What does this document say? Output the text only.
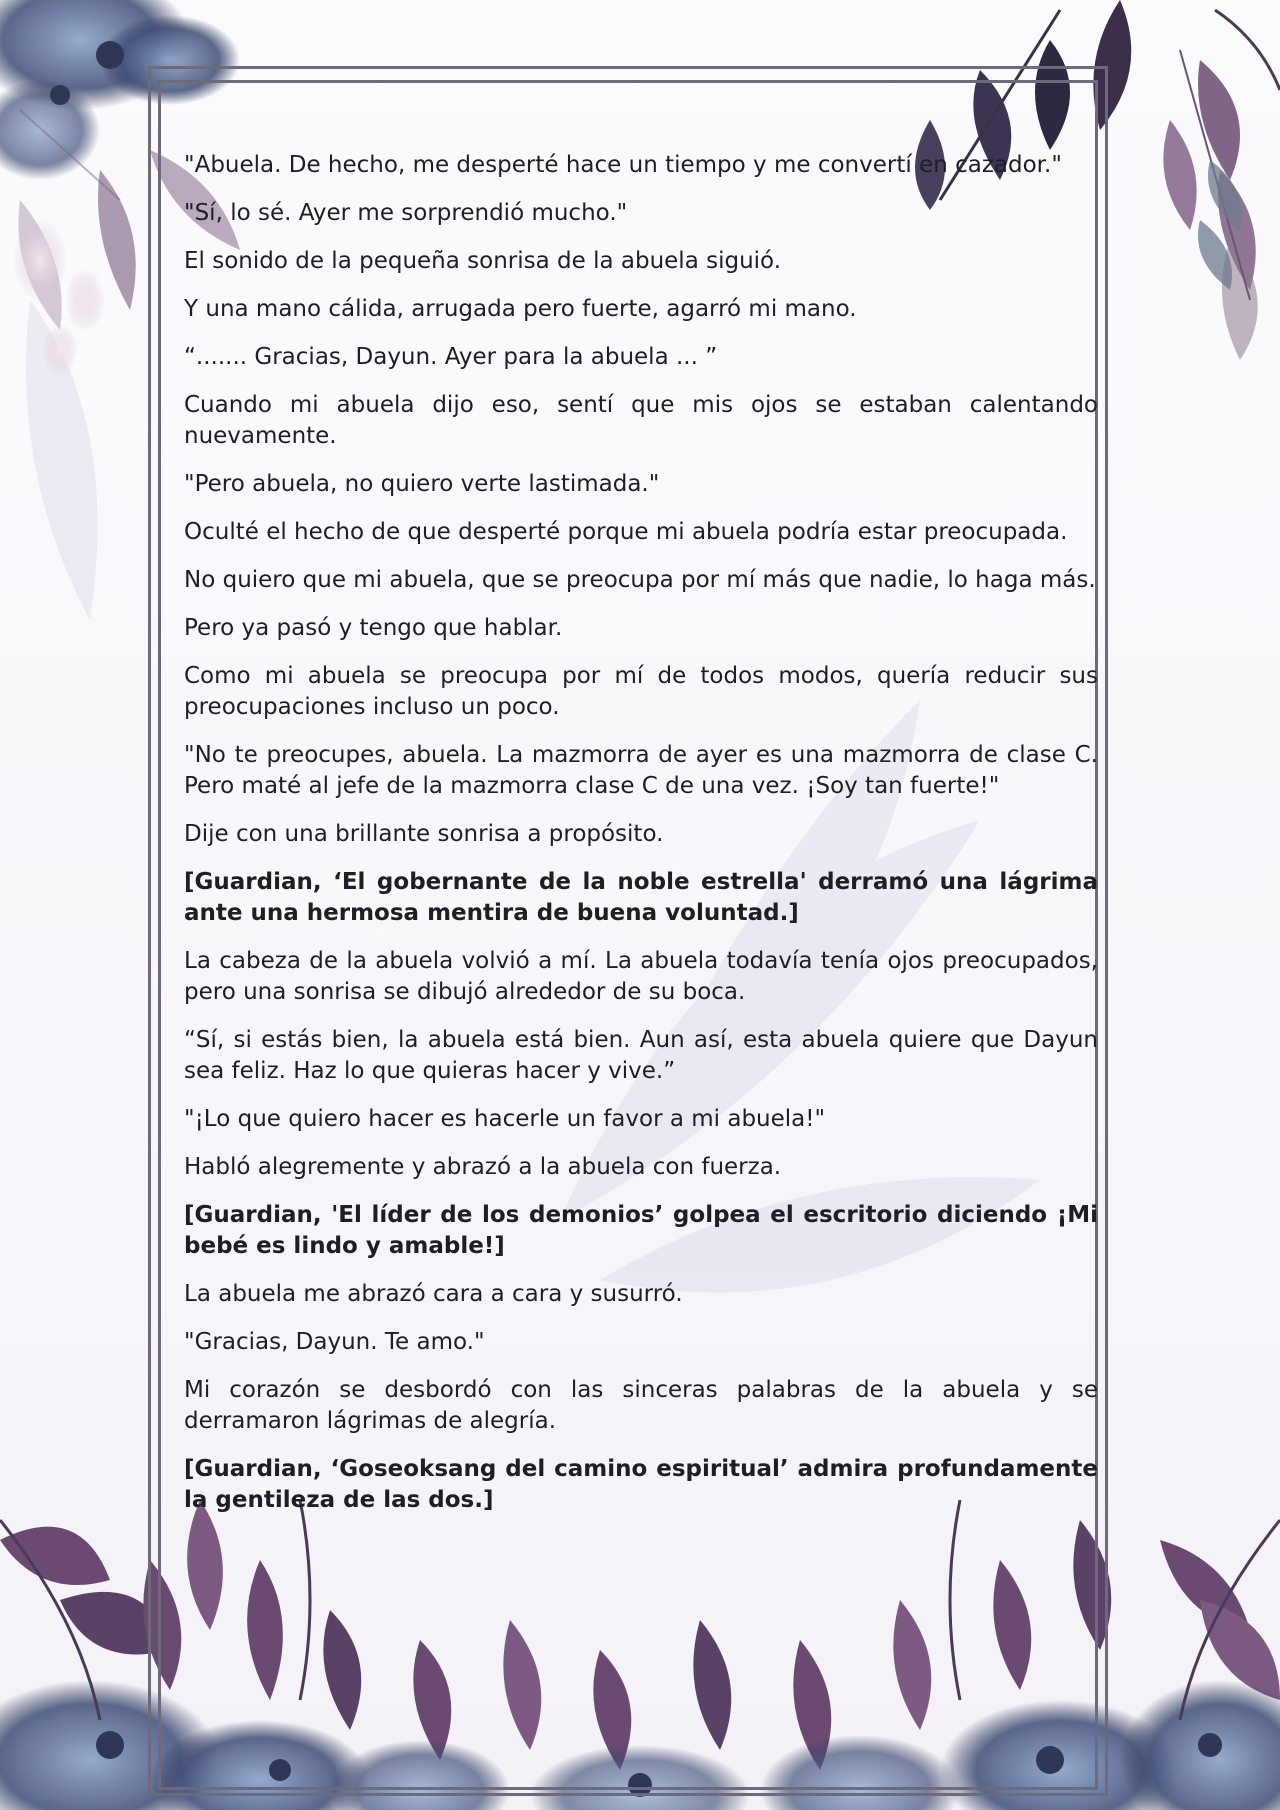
"Abuela. De hecho, me desperté hace un tiempo y me convertí en cazador."

"Sí, lo sé. Ayer me sorprendió mucho."

El sonido de la pequeña sonrisa de la abuela siguió.

Y una mano cálida, arrugada pero fuerte, agarró mi mano.

“....... Gracias, Dayun. Ayer para la abuela ... ”

Cuando mi abuela dijo eso, sentí que mis ojos se estaban calentando nuevamente.

"Pero abuela, no quiero verte lastimada."

Oculté el hecho de que desperté porque mi abuela podría estar preocupada.

No quiero que mi abuela, que se preocupa por mí más que nadie, lo haga más.

Pero ya pasó y tengo que hablar.

Como mi abuela se preocupa por mí de todos modos, quería reducir sus preocupaciones incluso un poco.

"No te preocupes, abuela. La mazmorra de ayer es una mazmorra de clase C. Pero maté al jefe de la mazmorra clase C de una vez. ¡Soy tan fuerte!"

Dije con una brillante sonrisa a propósito.

[Guardian, ‘El gobernante de la noble estrella' derramó una lágrima ante una hermosa mentira de buena voluntad.]

La cabeza de la abuela volvió a mí. La abuela todavía tenía ojos preocupados, pero una sonrisa se dibujó alrededor de su boca.

“Sí, si estás bien, la abuela está bien. Aun así, esta abuela quiere que Dayun sea feliz. Haz lo que quieras hacer y vive.”

"¡Lo que quiero hacer es hacerle un favor a mi abuela!"

Habló alegremente y abrazó a la abuela con fuerza.

[Guardian, 'El líder de los demonios’ golpea el escritorio diciendo ¡Mi bebé es lindo y amable!]

La abuela me abrazó cara a cara y susurró.

"Gracias, Dayun. Te amo."

Mi corazón se desbordó con las sinceras palabras de la abuela y se derramaron lágrimas de alegría.

[Guardian, ‘Goseoksang del camino espiritual’ admira profundamente la gentileza de las dos.]
